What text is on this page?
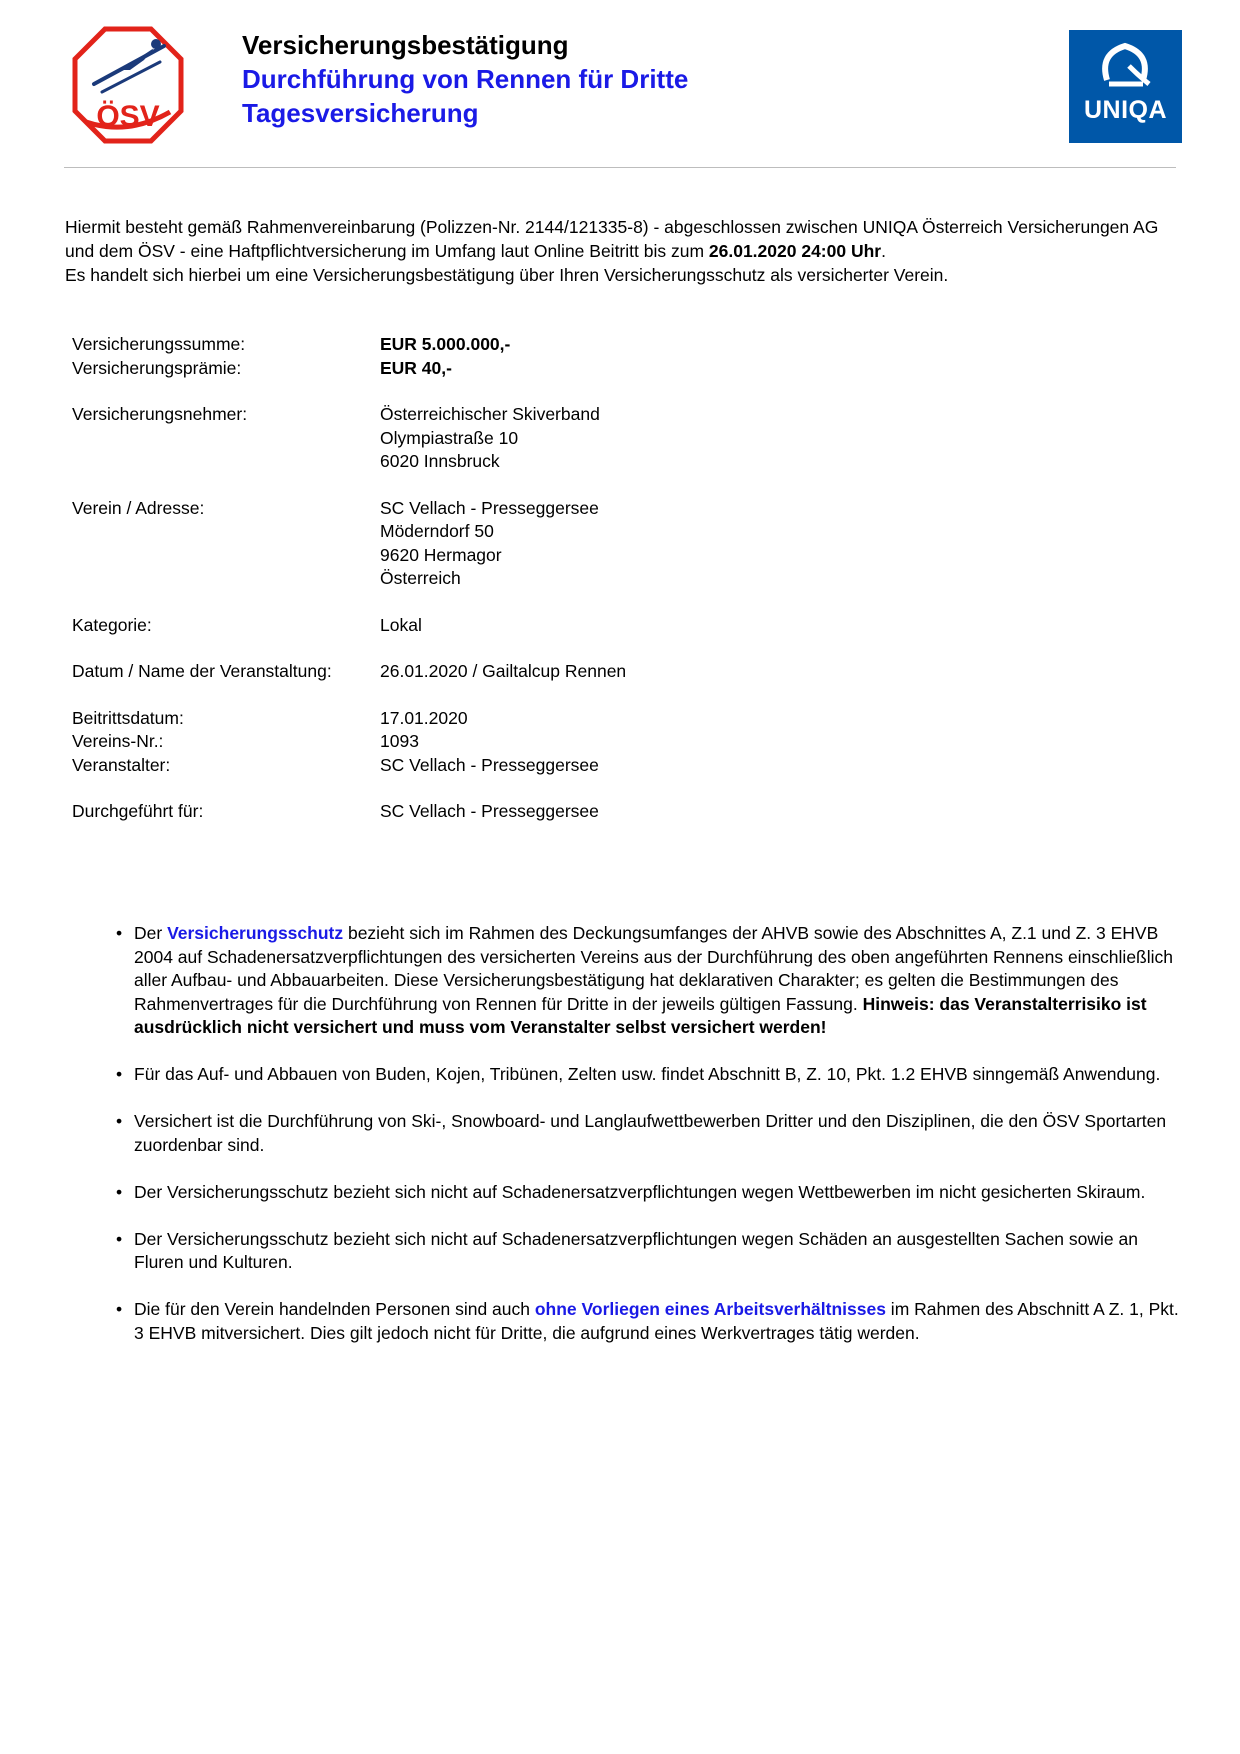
ÖSV
Versicherungsbestätigung
Durchführung von Rennen für Dritte
Tagesversicherung	UNIQA
Hiermit besteht gemäß Rahmenvereinbarung (Polizzen-Nr. 2144/121335-8) - abgeschlossen zwischen UNIQA Österreich Versicherungen AG und dem ÖSV - eine Haftpflichtversicherung im Umfang laut Online Beitritt bis zum 26.01.2020 24:00 Uhr.
Es handelt sich hierbei um eine Versicherungsbestätigung über Ihren Versicherungsschutz als versicherter Verein.
Versicherungssumme:	EUR 5.000.000,-
Versicherungsprämie:	EUR 40,-
Versicherungsnehmer:	Österreichischer Skiverband
Olympiastraße 10
6020 Innsbruck
Verein / Adresse:	SC Vellach - Presseggersee
Möderndorf 50
9620 Hermagor
Österreich
Kategorie:	Lokal
Datum / Name der Veranstaltung:	26.01.2020 / Gailtalcup Rennen
Beitrittsdatum:	17.01.2020
Vereins-Nr.:	1093
Veranstalter:	SC Vellach - Presseggersee
Durchgeführt für:	SC Vellach - Presseggersee
• Der Versicherungsschutz bezieht sich im Rahmen des Deckungsumfanges der AHVB sowie des Abschnittes A, Z.1 und Z. 3 EHVB 2004 auf Schadenersatzverpflichtungen des versicherten Vereins aus der Durchführung des oben angeführten Rennens einschließlich aller Aufbau- und Abbauarbeiten. Diese Versicherungsbestätigung hat deklarativen Charakter; es gelten die Bestimmungen des Rahmenvertrages für die Durchführung von Rennen für Dritte in der jeweils gültigen Fassung. Hinweis: das Veranstalterrisiko ist ausdrücklich nicht versichert und muss vom Veranstalter selbst versichert werden!
• Für das Auf- und Abbauen von Buden, Kojen, Tribünen, Zelten usw. findet Abschnitt B, Z. 10, Pkt. 1.2 EHVB sinngemäß Anwendung.
• Versichert ist die Durchführung von Ski-, Snowboard- und Langlaufwettbewerben Dritter und den Disziplinen, die den ÖSV Sportarten zuordenbar sind.
• Der Versicherungsschutz bezieht sich nicht auf Schadenersatzverpflichtungen wegen Wettbewerben im nicht gesicherten Skiraum.
• Der Versicherungsschutz bezieht sich nicht auf Schadenersatzverpflichtungen wegen Schäden an ausgestellten Sachen sowie an Fluren und Kulturen.
• Die für den Verein handelnden Personen sind auch ohne Vorliegen eines Arbeitsverhältnisses im Rahmen des Abschnitt A Z. 1, Pkt. 3 EHVB mitversichert. Dies gilt jedoch nicht für Dritte, die aufgrund eines Werkvertrages tätig werden.
